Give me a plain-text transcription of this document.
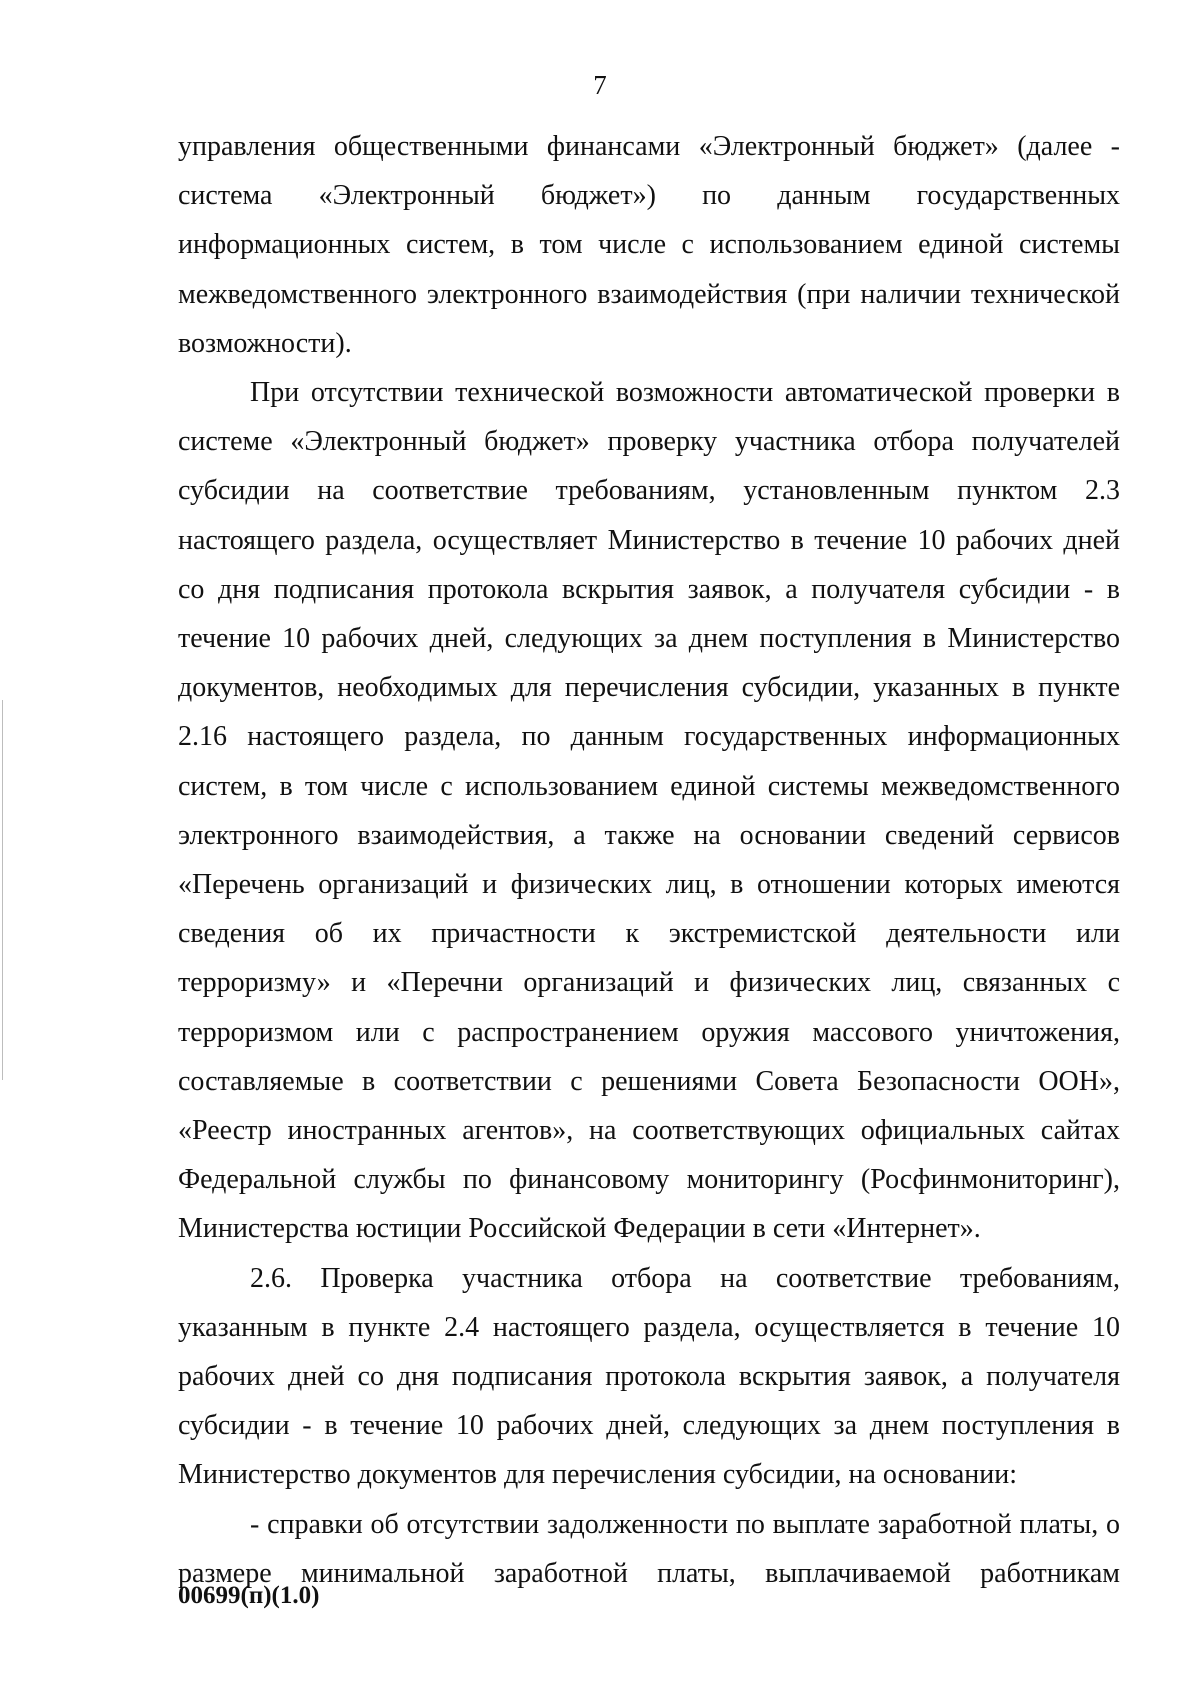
7

управления общественными финансами «Электронный бюджет» (далее - система «Электронный бюджет») по данным государственных информационных систем, в том числе с использованием единой системы межведомственного электронного взаимодействия (при наличии технической возможности).

При отсутствии технической возможности автоматической проверки в системе «Электронный бюджет» проверку участника отбора получателей субсидии на соответствие требованиям, установленным пунктом 2.3 настоящего раздела, осуществляет Министерство в течение 10 рабочих дней со дня подписания протокола вскрытия заявок, а получателя субсидии - в течение 10 рабочих дней, следующих за днем поступления в Министерство документов, необходимых для перечисления субсидии, указанных в пункте 2.16 настоящего раздела, по данным государственных информационных систем, в том числе с использованием единой системы межведомственного электронного взаимодействия, а также на основании сведений сервисов «Перечень организаций и физических лиц, в отношении которых имеются сведения об их причастности к экстремистской деятельности или терроризму» и «Перечни организаций и физических лиц, связанных с терроризмом или с распространением оружия массового уничтожения, составляемые в соответствии с решениями Совета Безопасности ООН», «Реестр иностранных агентов», на соответствующих официальных сайтах Федеральной службы по финансовому мониторингу (Росфинмониторинг), Министерства юстиции Российской Федерации в сети «Интернет».

2.6. Проверка участника отбора на соответствие требованиям, указанным в пункте 2.4 настоящего раздела, осуществляется в течение 10 рабочих дней со дня подписания протокола вскрытия заявок, а получателя субсидии - в течение 10 рабочих дней, следующих за днем поступления в Министерство документов для перечисления субсидии, на основании:

- справки об отсутствии задолженности по выплате заработной платы, о размере минимальной заработной платы, выплачиваемой работникам

00699(п)(1.0)
